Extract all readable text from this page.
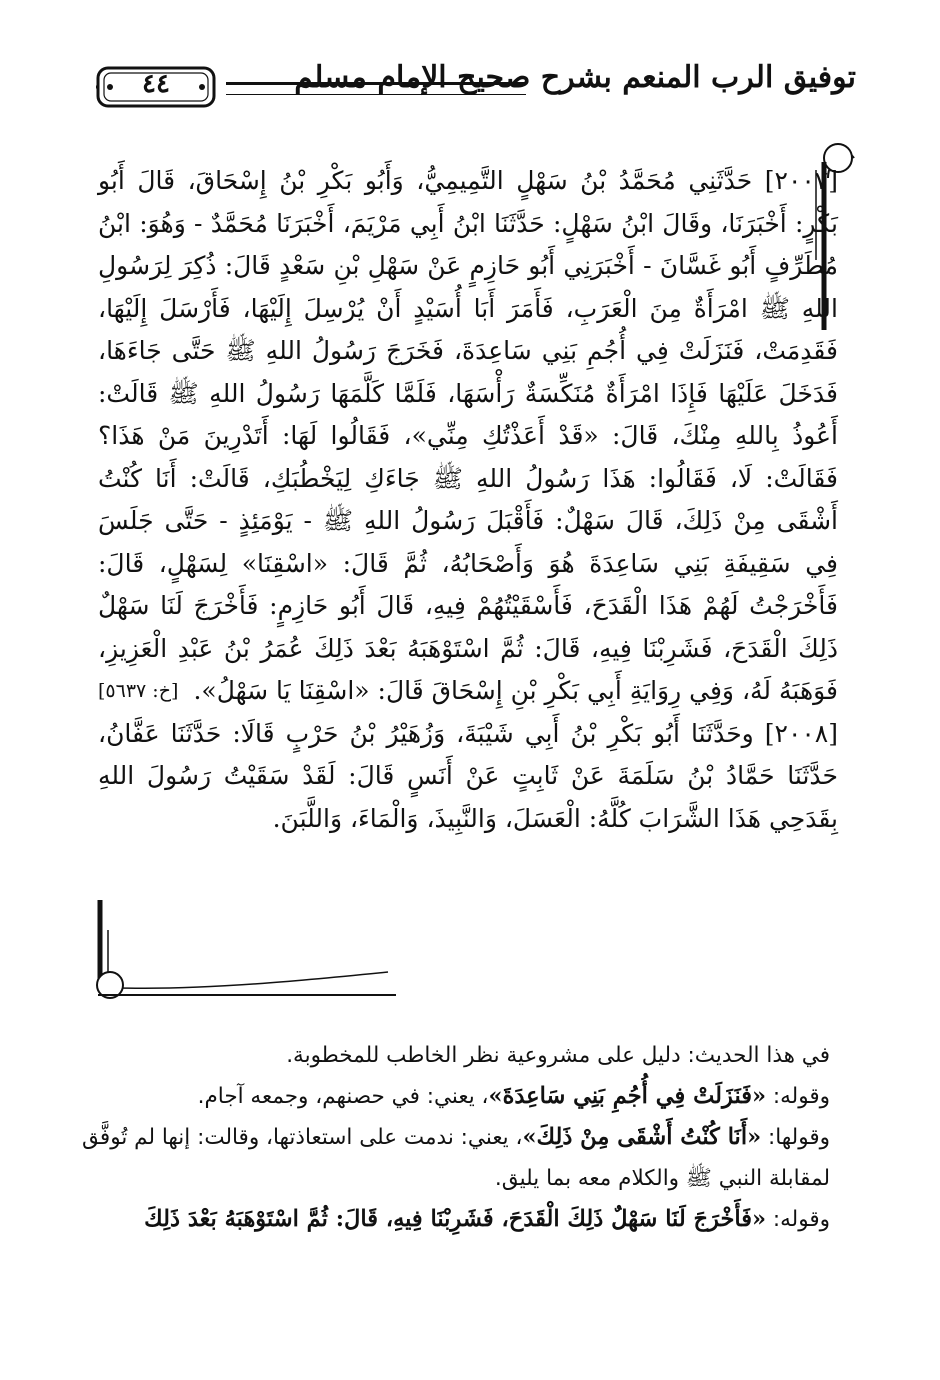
٤٤	توفيق الرب المنعم بشرح صحيح الإمام مسلم

[٢٠٠٧] حَدَّثَنِي مُحَمَّدُ بْنُ سَهْلٍ التَّمِيمِيُّ، وَأَبُو بَكْرِ بْنُ إِسْحَاقَ، قَالَ أَبُو بَكْرٍ: أَخْبَرَنَا، وقَالَ ابْنُ سَهْلٍ: حَدَّثَنَا ابْنُ أَبِي مَرْيَمَ، أَخْبَرَنَا مُحَمَّدٌ - وَهُوَ: ابْنُ مُطَرِّفٍ أَبُو غَسَّانَ - أَخْبَرَنِي أَبُو حَازِمٍ عَنْ سَهْلِ بْنِ سَعْدٍ قَالَ: ذُكِرَ لِرَسُولِ اللهِ ﷺ امْرَأَةٌ مِنَ الْعَرَبِ، فَأَمَرَ أَبَا أُسَيْدٍ أَنْ يُرْسِلَ إِلَيْهَا، فَأَرْسَلَ إِلَيْهَا، فَقَدِمَتْ، فَنَزَلَتْ فِي أُجُمِ بَنِي سَاعِدَةَ، فَخَرَجَ رَسُولُ اللهِ ﷺ حَتَّى جَاءَهَا، فَدَخَلَ عَلَيْهَا فَإِذَا امْرَأَةٌ مُنَكِّسَةٌ رَأْسَهَا، فَلَمَّا كَلَّمَهَا رَسُولُ اللهِ ﷺ قَالَتْ: أَعُوذُ بِاللهِ مِنْكَ، قَالَ: «قَدْ أَعَذْتُكِ مِنِّي»، فَقَالُوا لَهَا: أَتَدْرِينَ مَنْ هَذَا؟ فَقَالَتْ: لَا، فَقَالُوا: هَذَا رَسُولُ اللهِ ﷺ جَاءَكِ لِيَخْطُبَكِ، قَالَتْ: أَنَا كُنْتُ أَشْقَى مِنْ ذَلِكَ، قَالَ سَهْلٌ: فَأَقْبَلَ رَسُولُ اللهِ ﷺ - يَوْمَئِذٍ - حَتَّى جَلَسَ فِي سَقِيفَةِ بَنِي سَاعِدَةَ هُوَ وَأَصْحَابُهُ، ثُمَّ قَالَ: «اسْقِنَا» لِسَهْلٍ، قَالَ: فَأَخْرَجْتُ لَهُمْ هَذَا الْقَدَحَ، فَأَسْقَيْتُهُمْ فِيهِ، قَالَ أَبُو حَازِمٍ: فَأَخْرَجَ لَنَا سَهْلٌ ذَلِكَ الْقَدَحَ، فَشَرِبْنَا فِيهِ، قَالَ: ثُمَّ اسْتَوْهَبَهُ بَعْدَ ذَلِكَ عُمَرُ بْنُ عَبْدِ الْعَزِيزِ، فَوَهَبَهُ لَهُ، وَفِي رِوَايَةِ أَبِي بَكْرِ بْنِ إِسْحَاقَ قَالَ: «اسْقِنَا يَا سَهْلُ».
[خ: ٥٦٣٧]

[٢٠٠٨] وحَدَّثَنَا أَبُو بَكْرِ بْنُ أَبِي شَيْبَةَ، وَزُهَيْرُ بْنُ حَرْبٍ قَالَا: حَدَّثَنَا عَفَّانُ، حَدَّثَنَا حَمَّادُ بْنُ سَلَمَةَ عَنْ ثَابِتٍ عَنْ أَنَسٍ قَالَ: لَقَدْ سَقَيْتُ رَسُولَ اللهِ بِقَدَحِي هَذَا الشَّرَابَ كُلَّهُ: الْعَسَلَ، وَالنَّبِيذَ، وَالْمَاءَ، وَاللَّبَنَ.

في هذا الحديث: دليل على مشروعية نظر الخاطب للمخطوبة.

وقوله: «فَنَزَلَتْ فِي أُجُمِ بَنِي سَاعِدَةَ»، يعني: في حصنهم، وجمعه آجام.

وقولها: «أَنَا كُنْتُ أَشْقَى مِنْ ذَلِكَ»، يعني: ندمت على استعاذتها، وقالت: إنها لم تُوفَّق لمقابلة النبي ﷺ والكلام معه بما يليق.

وقوله: «فَأَخْرَجَ لَنَا سَهْلٌ ذَلِكَ الْقَدَحَ، فَشَرِبْنَا فِيهِ، قَالَ: ثُمَّ اسْتَوْهَبَهُ بَعْدَ ذَلِكَ
